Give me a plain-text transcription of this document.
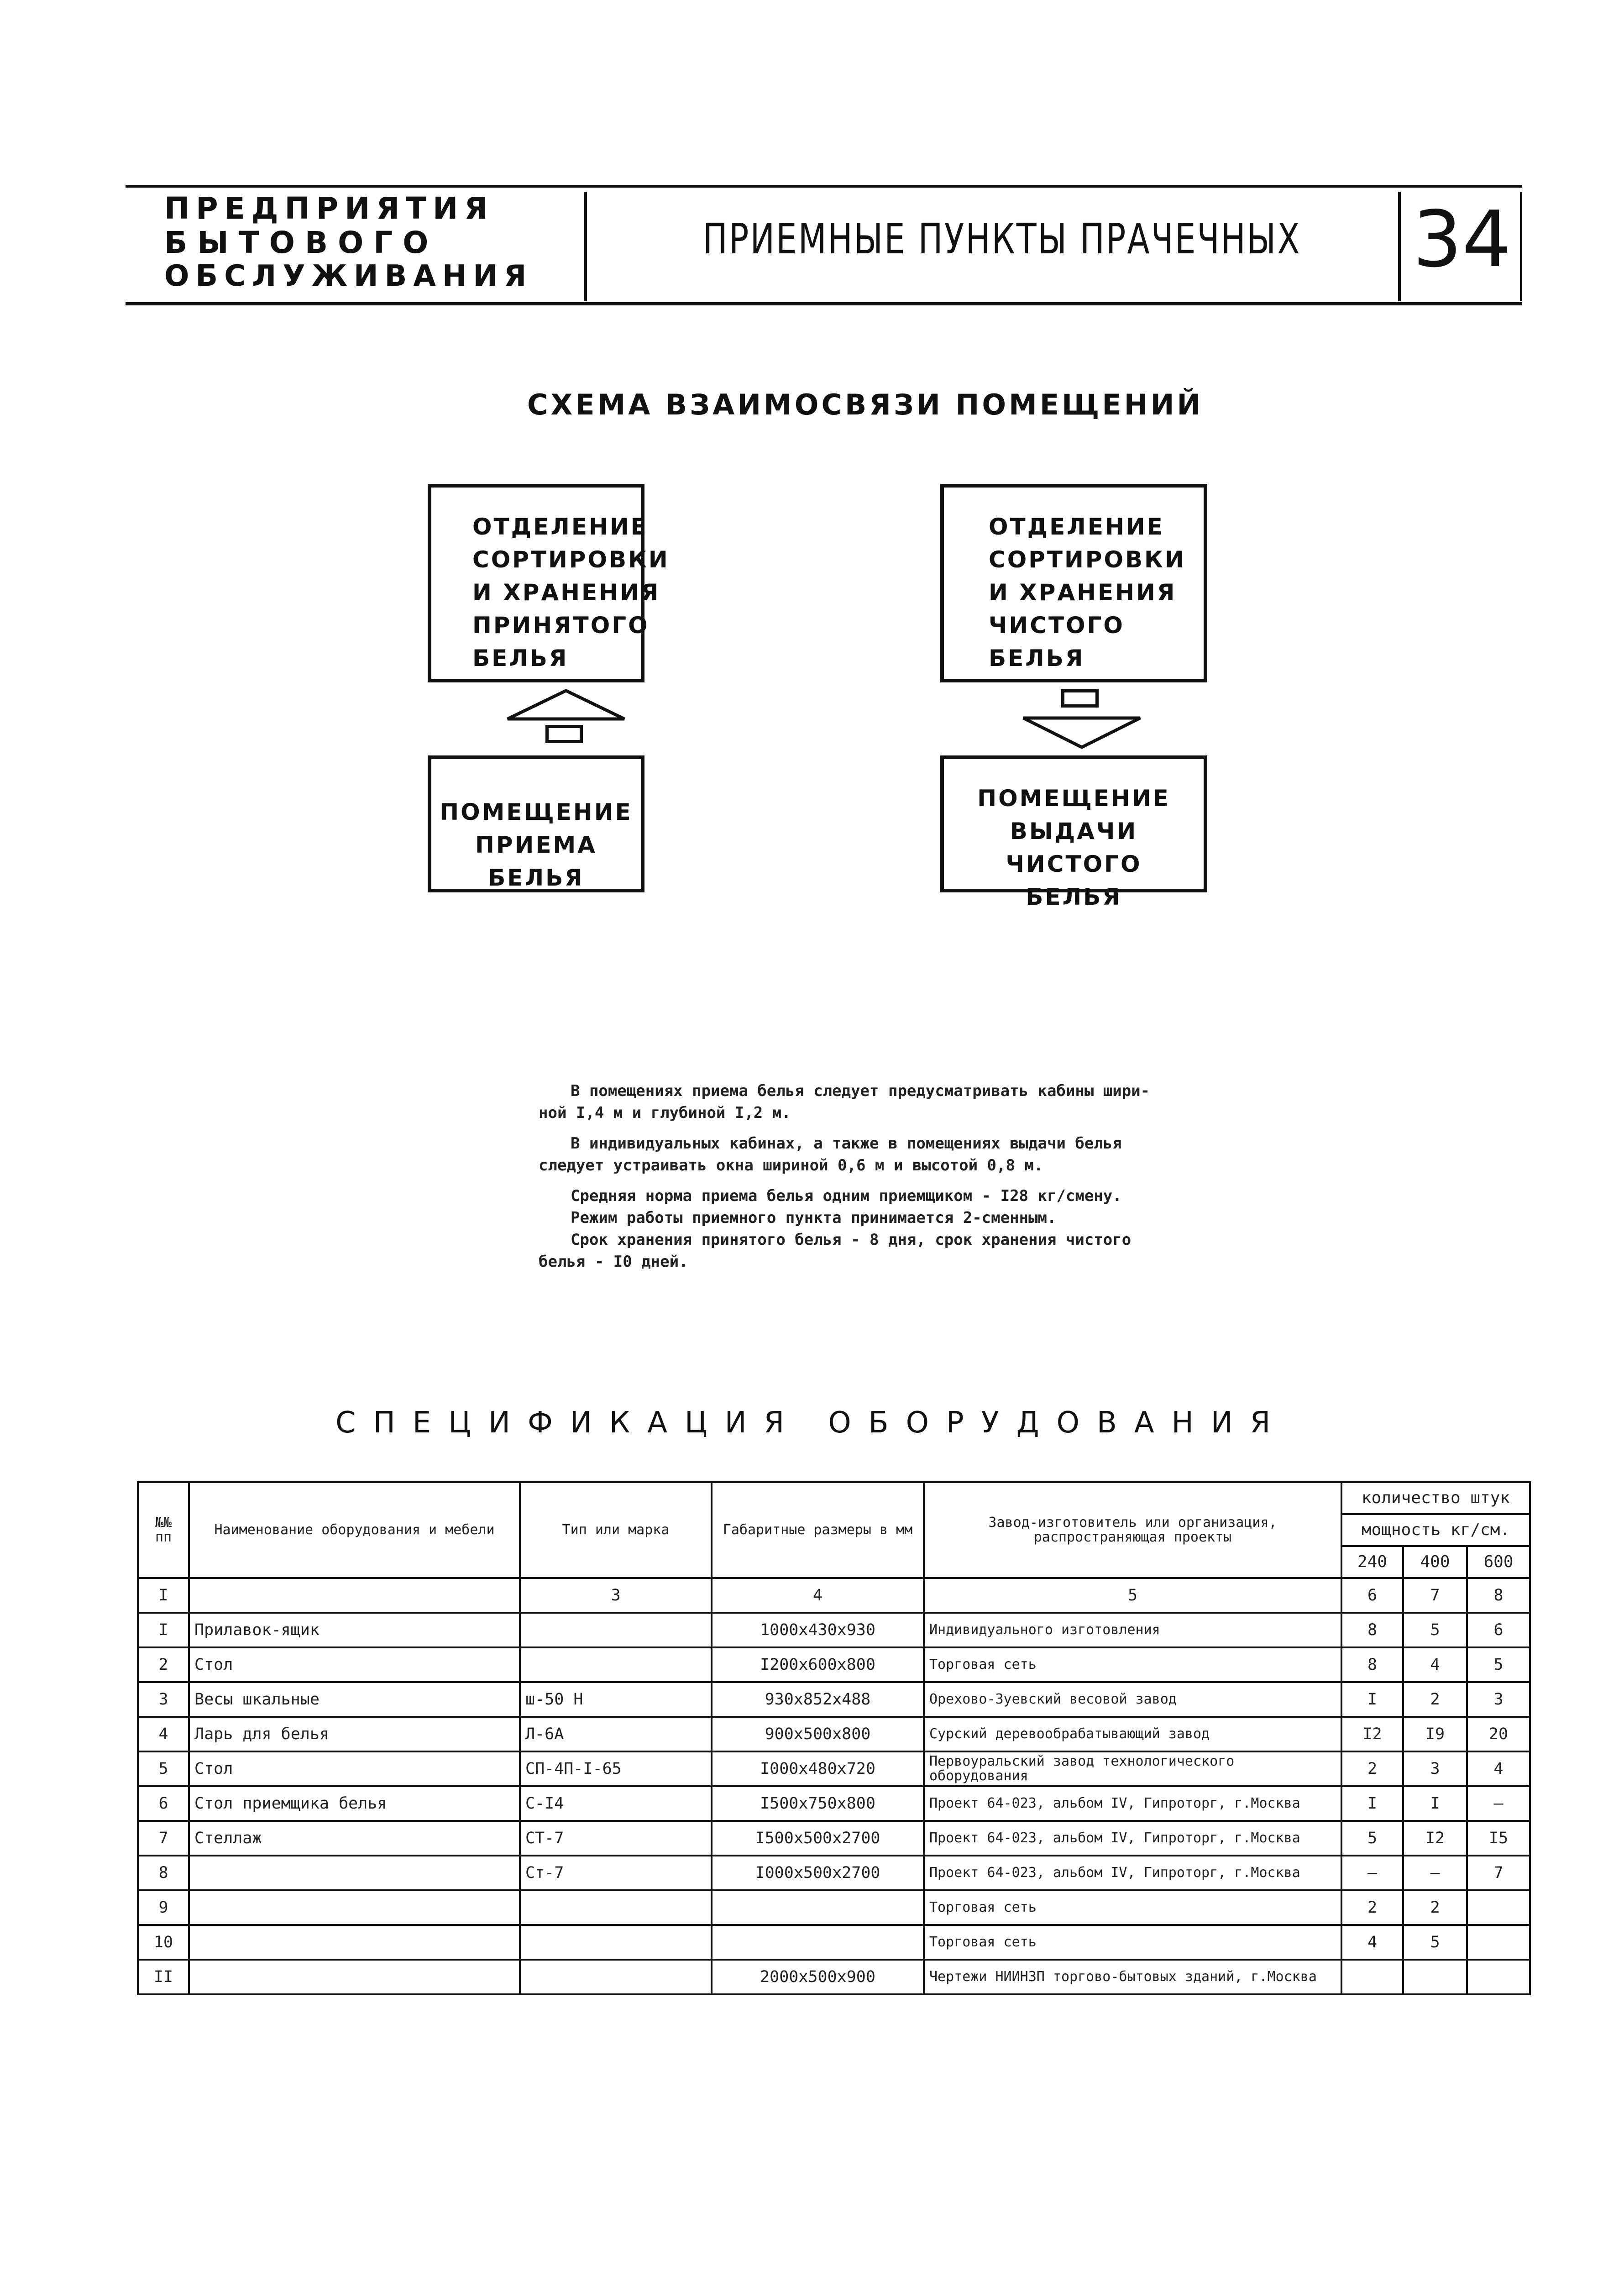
ПРЕДПРИЯТИЯ
БЫТОВОГО
ОБСЛУЖИВАНИЯ
ПРИЕМНЫЕ ПУНКТЫ ПРАЧЕЧНЫХ 34
СХЕМА ВЗАИМОСВЯЗИ ПОМЕЩЕНИЙ
ОТДЕЛЕНИЕ
СОРТИРОВКИ
И ХРАНЕНИЯ
ПРИНЯТОГО
БЕЛЬЯ
ОТДЕЛЕНИЕ
СОРТИРОВКИ
И ХРАНЕНИЯ
ЧИСТОГО
БЕЛЬЯ
ПОМЕЩЕНИЕ
ПРИЕМА БЕЛЬЯ
ПОМЕЩЕНИЕ
ВЫДАЧИ ЧИСТОГО
БЕЛЬЯ
В помещениях приема белья следует предусматривать кабины шири-
ной I,4 м и глубиной I,2 м.
В индивидуальных кабинах, а также в помещениях выдачи белья
следует устраивать окна шириной 0,6 м и высотой 0,8 м.
Средняя норма приема белья одним приемщиком - I28 кг/смену.
Режим работы приемного пункта принимается 2-сменным.
Срок хранения принятого белья - 8 дня, срок хранения чистого
белья - I0 дней.
СПЕЦИФИКАЦИЯ ОБОРУДОВАНИЯ
№№ пп	Наименование оборудования и мебели	Тип или марка	Габаритные размеры в мм	Завод-изготовитель или организация, распространяющая проекты	количество штук		
					мощность кг/см.		
					240	400	600
I		3	4	5	6	7	8
I	Прилавок-ящик		1000х430х930	Индивидуального изготовления	8	5	6
2	Стол		I200х600х800	Торговая сеть	8	4	5
3	Весы шкальные	ш-50 Н	930х852х488	Орехово-Зуевский весовой завод	I	2	3
4	Ларь для белья	Л-6А	900х500х800	Сурский деревообрабатывающий завод	I2	I9	20
5	Стол	СП-4П-I-65	I000х480х720	Первоуральский завод технологического оборудования	2	3	4
6	Стол приемщика белья	С-I4	I500х750х800	Проект 64-023, альбом IV, Гипроторг, г.Москва	I	I	–
7	Стеллаж	СТ-7	I500х500х2700	Проект 64-023, альбом IV, Гипроторг, г.Москва	5	I2	I5
8		Ст-7	I000х500х2700	Проект 64-023, альбом IV, Гипроторг, г.Москва	–	–	7
9				Торговая сеть	2	2	
10				Торговая сеть	4	5	
II			2000х500х900	Чертежи НИИНЗП торгово-бытовых зданий, г.Москва			
